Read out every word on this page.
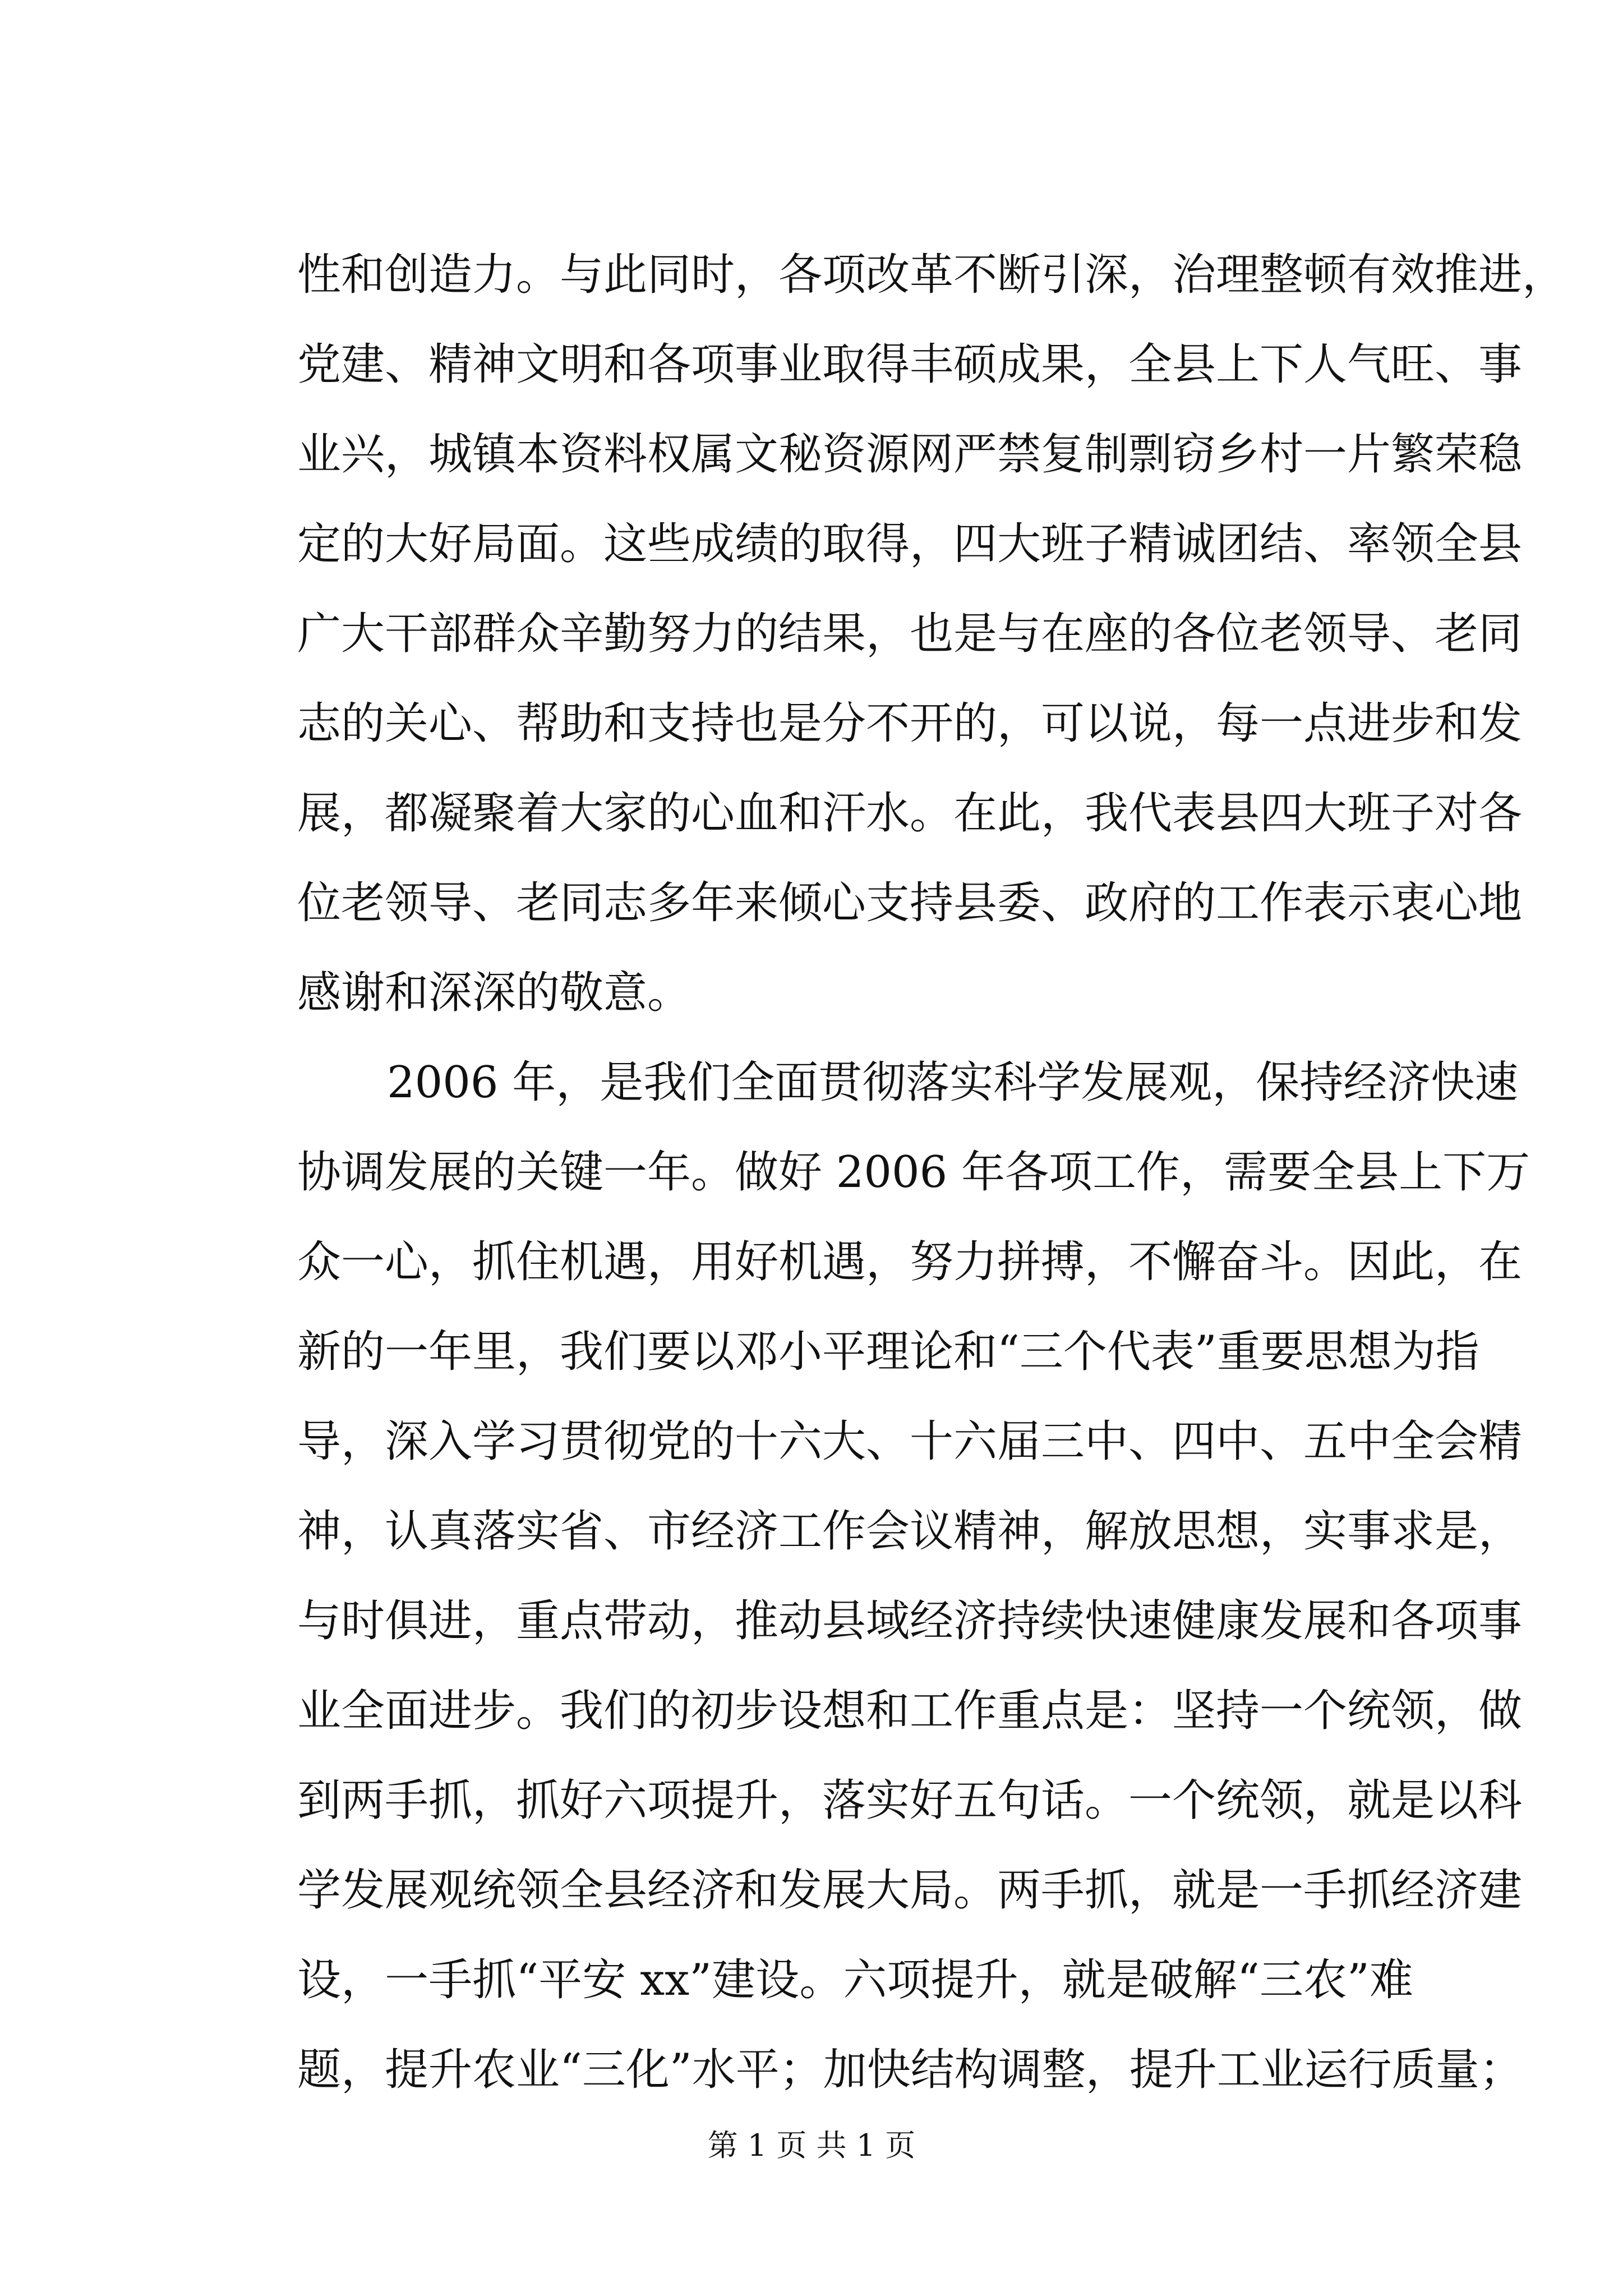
性和创造力。与此同时，各项改革不断引深，治理整顿有效推进，
党建、精神文明和各项事业取得丰硕成果，全县上下人气旺、事
业兴，城镇本资料权属文秘资源网严禁复制剽窃乡村一片繁荣稳
定的大好局面。这些成绩的取得，四大班子精诚团结、率领全县
广大干部群众辛勤努力的结果，也是与在座的各位老领导、老同
志的关心、帮助和支持也是分不开的，可以说，每一点进步和发
展，都凝聚着大家的心血和汗水。在此，我代表县四大班子对各
位老领导、老同志多年来倾心支持县委、政府的工作表示衷心地
感谢和深深的敬意。
2006 年，是我们全面贯彻落实科学发展观，保持经济快速
协调发展的关键一年。做好 2006 年各项工作，需要全县上下万
众一心，抓住机遇，用好机遇，努力拼搏，不懈奋斗。因此，在
新的一年里，我们要以邓小平理论和“三个代表”重要思想为指
导，深入学习贯彻党的十六大、十六届三中、四中、五中全会精
神，认真落实省、市经济工作会议精神，解放思想，实事求是，
与时俱进，重点带动，推动县域经济持续快速健康发展和各项事
业全面进步。我们的初步设想和工作重点是：坚持一个统领，做
到两手抓，抓好六项提升，落实好五句话。一个统领，就是以科
学发展观统领全县经济和发展大局。两手抓，就是一手抓经济建
设，一手抓“平安 xx”建设。六项提升，就是破解“三农”难
题，提升农业“三化”水平；加快结构调整，提升工业运行质量；
第 1 页 共 1 页
